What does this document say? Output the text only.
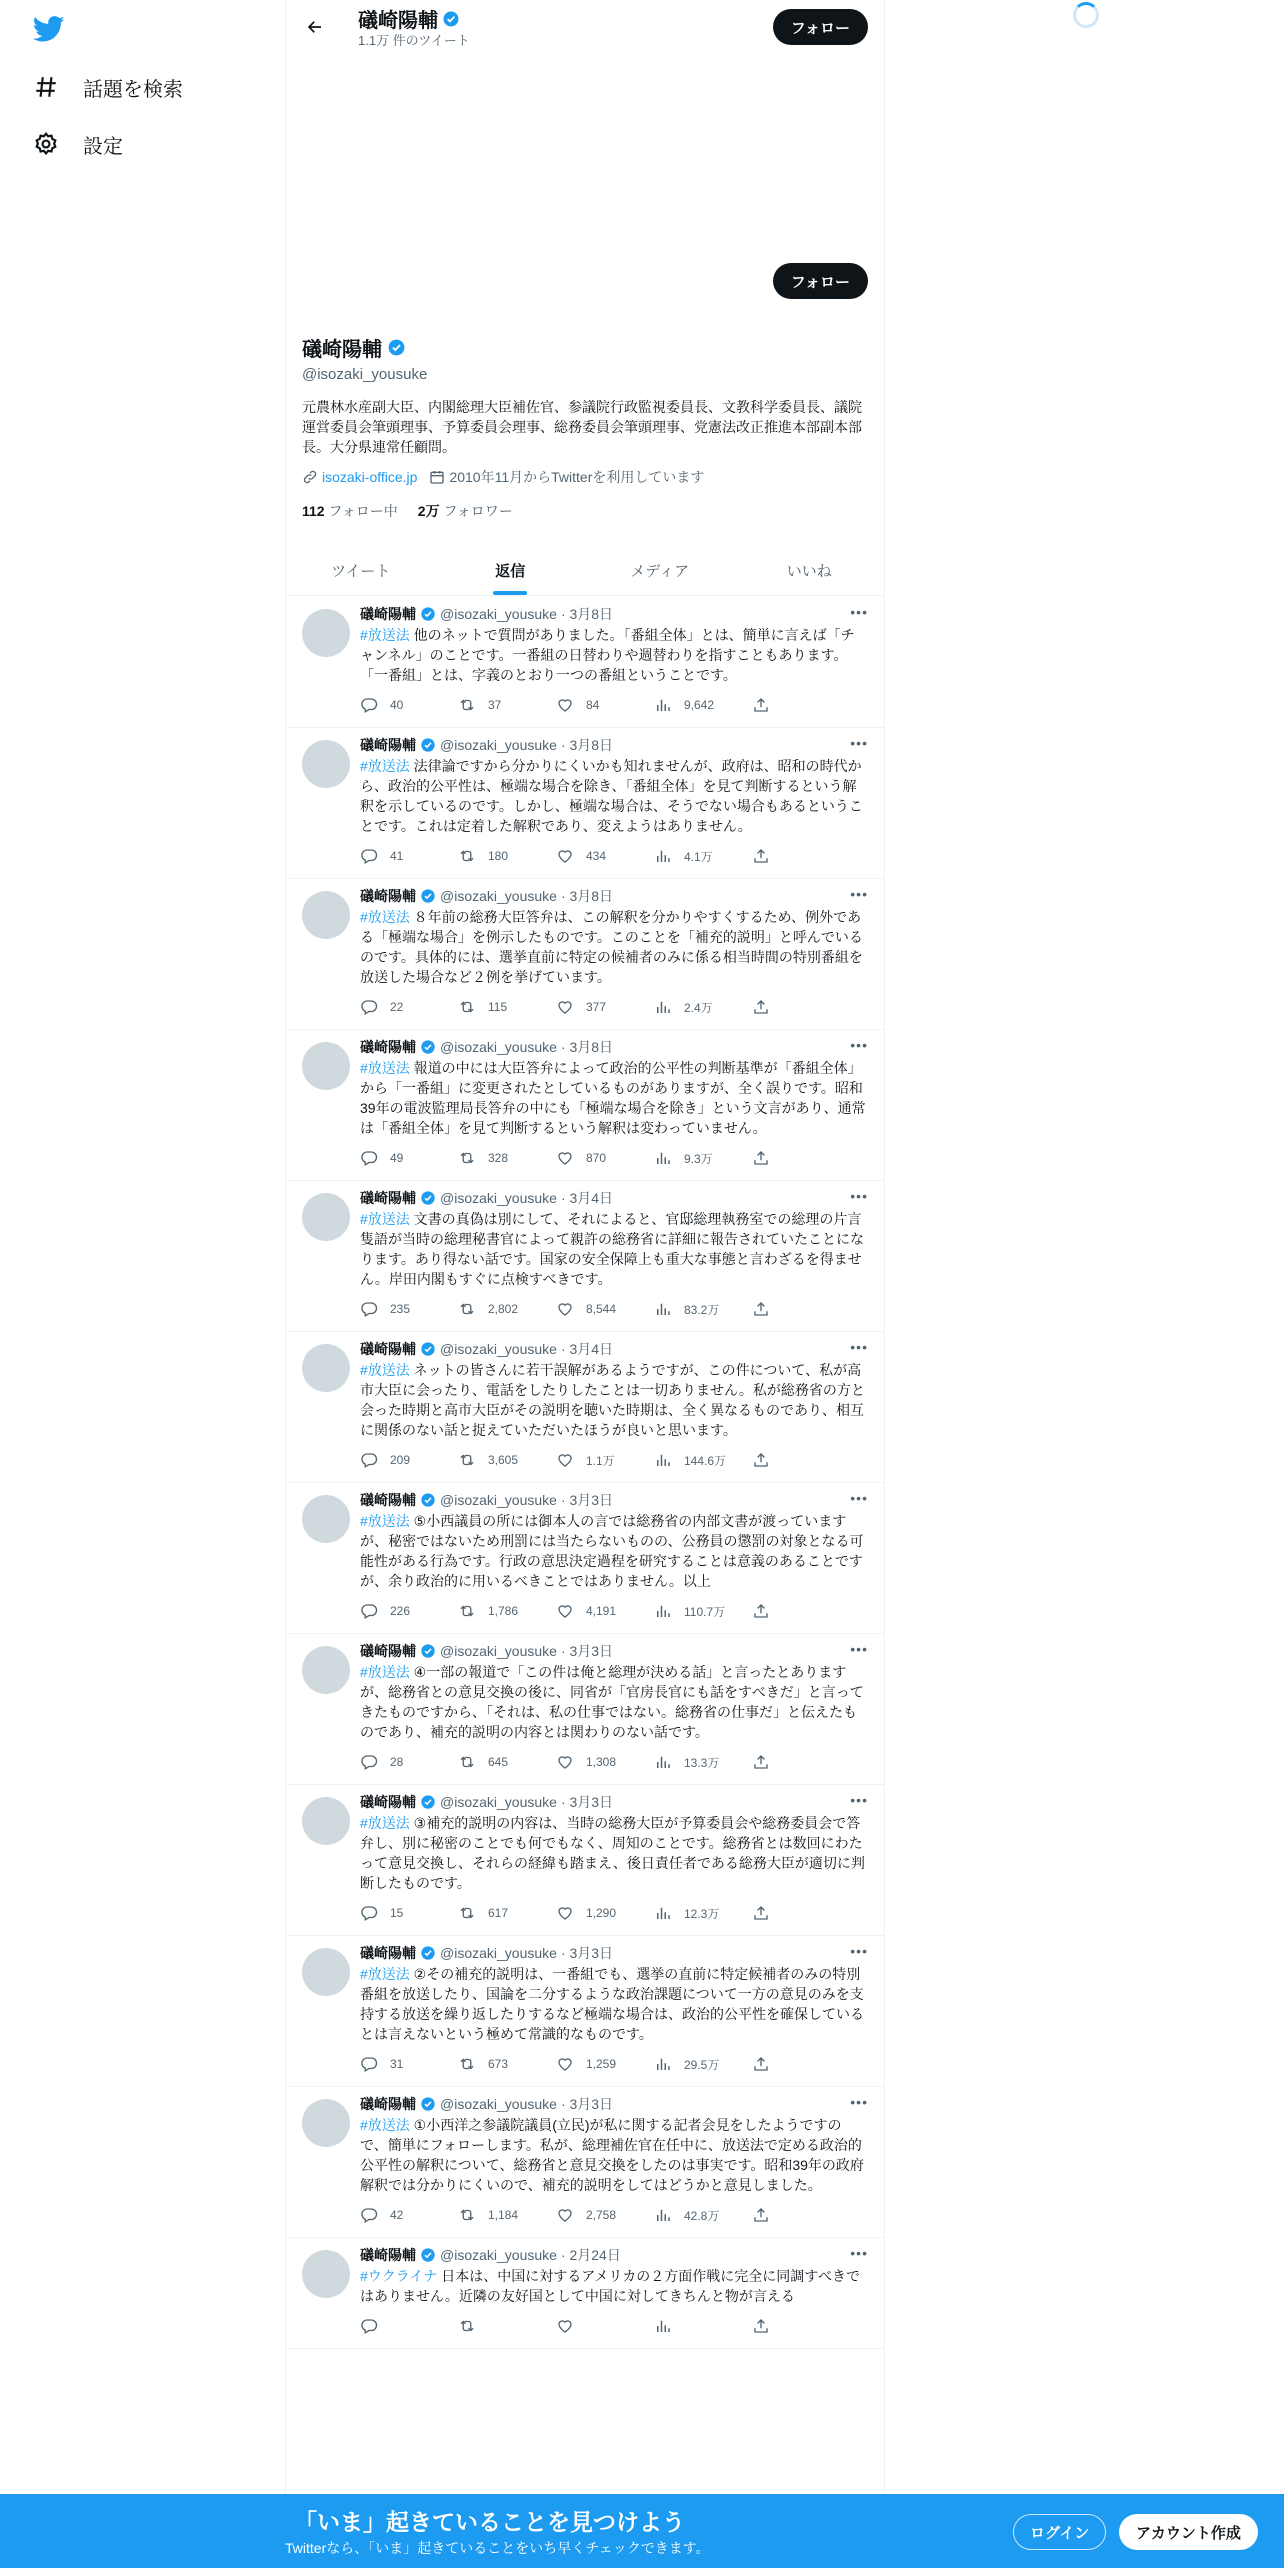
話題を検索
設定
礒崎陽輔
1.1万 件のツイート
フォロー
フォロー
礒崎陽輔
@isozaki_yousuke
元農林水産副大臣、内閣総理大臣補佐官、参議院行政監視委員長、文教科学委員長、議院運営委員会筆頭理事、予算委員会理事、総務委員会筆頭理事、党憲法改正推進本部副本部長。大分県連常任顧問。
isozaki-office.jp 2010年11月からTwitterを利用しています
112 フォロー中 2万 フォロワー
ツイート	返信	メディア	いいね
礒崎陽輔 @isozaki_yousuke · 3月8日	•••
#放送法 他のネットで質問がありました。「番組全体」とは、簡単に言えば「チャンネル」のことです。一番組の日替わりや週替わりを指すこともあります。「一番組」とは、字義のとおり一つの番組ということです。
40	37	84	9,642
礒崎陽輔 @isozaki_yousuke · 3月8日	•••
#放送法 法律論ですから分かりにくいかも知れませんが、政府は、昭和の時代から、政治的公平性は、極端な場合を除き、「番組全体」を見て判断するという解釈を示しているのです。しかし、極端な場合は、そうでない場合もあるということです。これは定着した解釈であり、変えようはありません。
41	180	434	4.1万
礒崎陽輔 @isozaki_yousuke · 3月8日	•••
#放送法 ８年前の総務大臣答弁は、この解釈を分かりやすくするため、例外である「極端な場合」を例示したものです。このことを「補充的説明」と呼んでいるのです。具体的には、選挙直前に特定の候補者のみに係る相当時間の特別番組を放送した場合など２例を挙げています。
22	115	377	2.4万
礒崎陽輔 @isozaki_yousuke · 3月8日	•••
#放送法 報道の中には大臣答弁によって政治的公平性の判断基準が「番組全体」から「一番組」に変更されたとしているものがありますが、全く誤りです。昭和39年の電波監理局長答弁の中にも「極端な場合を除き」という文言があり、通常は「番組全体」を見て判断するという解釈は変わっていません。
49	328	870	9.3万
礒崎陽輔 @isozaki_yousuke · 3月4日	•••
#放送法 文書の真偽は別にして、それによると、官邸総理執務室での総理の片言隻語が当時の総理秘書官によって親許の総務省に詳細に報告されていたことになります。あり得ない話です。国家の安全保障上も重大な事態と言わざるを得ません。岸田内閣もすぐに点検すべきです。
235	2,802	8,544	83.2万
礒崎陽輔 @isozaki_yousuke · 3月4日	•••
#放送法 ネットの皆さんに若干誤解があるようですが、この件について、私が高市大臣に会ったり、電話をしたりしたことは一切ありません。私が総務省の方と会った時期と高市大臣がその説明を聴いた時期は、全く異なるものであり、相互に関係のない話と捉えていただいたほうが良いと思います。
209	3,605	1.1万	144.6万
礒崎陽輔 @isozaki_yousuke · 3月3日	•••
#放送法 ⑤小西議員の所には御本人の言では総務省の内部文書が渡っていますが、秘密ではないため刑罰には当たらないものの、公務員の懲罰の対象となる可能性がある行為です。行政の意思決定過程を研究することは意義のあることですが、余り政治的に用いるべきことではありません。以上
226	1,786	4,191	110.7万
礒崎陽輔 @isozaki_yousuke · 3月3日	•••
#放送法 ④一部の報道で「この件は俺と総理が決める話」と言ったとありますが、総務省との意見交換の後に、同省が「官房長官にも話をすべきだ」と言ってきたものですから、「それは、私の仕事ではない。総務省の仕事だ」と伝えたものであり、補充的説明の内容とは関わりのない話です。
28	645	1,308	13.3万
礒崎陽輔 @isozaki_yousuke · 3月3日	•••
#放送法 ③補充的説明の内容は、当時の総務大臣が予算委員会や総務委員会で答弁し、別に秘密のことでも何でもなく、周知のことです。総務省とは数回にわたって意見交換し、それらの経緯も踏まえ、後日責任者である総務大臣が適切に判断したものです。
15	617	1,290	12.3万
礒崎陽輔 @isozaki_yousuke · 3月3日	•••
#放送法 ②その補充的説明は、一番組でも、選挙の直前に特定候補者のみの特別番組を放送したり、国論を二分するような政治課題について一方の意見のみを支持する放送を繰り返したりするなど極端な場合は、政治的公平性を確保しているとは言えないという極めて常識的なものです。
31	673	1,259	29.5万
礒崎陽輔 @isozaki_yousuke · 3月3日	•••
#放送法 ①小西洋之参議院議員(立民)が私に関する記者会見をしたようですので、簡単にフォローします。私が、総理補佐官在任中に、放送法で定める政治的公平性の解釈について、総務省と意見交換をしたのは事実です。昭和39年の政府解釈では分かりにくいので、補充的説明をしてはどうかと意見しました。
42	1,184	2,758	42.8万
礒崎陽輔 @isozaki_yousuke · 2月24日	•••
#ウクライナ 日本は、中国に対するアメリカの２方面作戦に完全に同調すべきではありません。近隣の友好国として中国に対してきちんと物が言える
「いま」起きていることを見つけよう
Twitterなら、「いま」起きていることをいち早くチェックできます。
ログイン	アカウント作成
